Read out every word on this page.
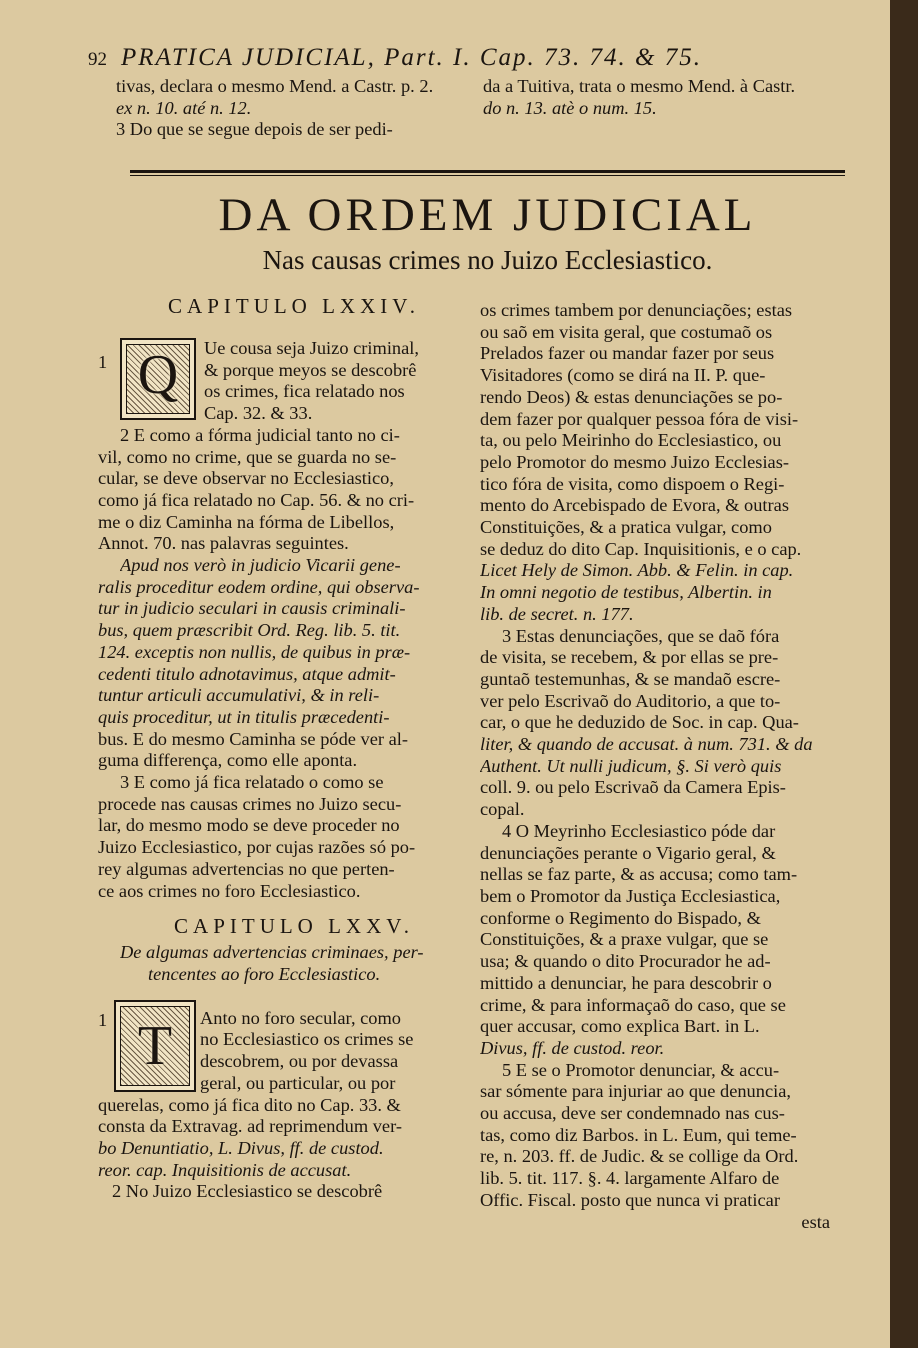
92 PRATICA JUDICIAL, Part. I. Cap. 73. 74. & 75.

tivas, declara o mesmo Mend. a Castr. p. 2.

ex n. 10. até n. 12.

3 Do que se segue depois de ser pedi-

da a Tuitiva, trata o mesmo Mend. à Castr.

do n. 13. atè o num. 15.

DA ORDEM JUDICIAL
Nas causas crimes no Juizo Ecclesiastico.

CAPITULO LXXIV.

1 Q	Ue cousa seja Juizo criminal,

& porque meyos se descobrê

os crimes, fica relatado nos

Cap. 32. & 33.

2 E como a fórma judicial tanto no ci-

vil, como no crime, que se guarda no se-

cular, se deve observar no Ecclesiastico,

como já fica relatado no Cap. 56. & no cri-

me o diz Caminha na fórma de Libellos,

Annot. 70. nas palavras seguintes.

Apud nos verò in judicio Vicarii gene-

ralis proceditur eodem ordine, qui observa-

tur in judicio seculari in causis criminali-

bus, quem præscribit Ord. Reg. lib. 5. tit.

124. exceptis non nullis, de quibus in præ-

cedenti titulo adnotavimus, atque admit-

tuntur articuli accumulativi, & in reli-

quis proceditur, ut in titulis præcedenti-

bus. E do mesmo Caminha se póde ver al-

guma differença, como elle aponta.

3 E como já fica relatado o como se

procede nas causas crimes no Juizo secu-

lar, do mesmo modo se deve proceder no

Juizo Ecclesiastico, por cujas razões só po-

rey algumas advertencias no que perten-

ce aos crimes no foro Ecclesiastico.

CAPITULO LXXV.

De algumas advertencias criminaes, per-

tencentes ao foro Ecclesiastico.

1 T	Anto no foro secular, como

no Ecclesiastico os crimes se

descobrem, ou por devassa

geral, ou particular, ou por

querelas, como já fica dito no Cap. 33. &

consta da Extravag. ad reprimendum ver-

bo Denuntiatio, L. Divus, ff. de custod.

reor. cap. Inquisitionis de accusat.

2 No Juizo Ecclesiastico se descobrê

os crimes tambem por denunciações; estas

ou saõ em visita geral, que costumaõ os

Prelados fazer ou mandar fazer por seus

Visitadores (como se dirá na II. P. que-

rendo Deos) & estas denunciações se po-

dem fazer por qualquer pessoa fóra de visi-

ta, ou pelo Meirinho do Ecclesiastico, ou

pelo Promotor do mesmo Juizo Ecclesias-

tico fóra de visita, como dispoem o Regi-

mento do Arcebispado de Evora, & outras

Constituições, & a pratica vulgar, como

se deduz do dito Cap. Inquisitionis, e o cap.

Licet Hely de Simon. Abb. & Felin. in cap.

In omni negotio de testibus, Albertin. in

lib. de secret. n. 177.

3 Estas denunciações, que se daõ fóra

de visita, se recebem, & por ellas se pre-

guntaõ testemunhas, & se mandaõ escre-

ver pelo Escrivaõ do Auditorio, a que to-

car, o que he deduzido de Soc. in cap. Qua-

liter, & quando de accusat. à num. 731. & da

Authent. Ut nulli judicum, §. Si verò quis

coll. 9. ou pelo Escrivaõ da Camera Epis-

copal.

4 O Meyrinho Ecclesiastico póde dar

denunciações perante o Vigario geral, &

nellas se faz parte, & as accusa; como tam-

bem o Promotor da Justiça Ecclesiastica,

conforme o Regimento do Bispado, &

Constituições, & a praxe vulgar, que se

usa; & quando o dito Procurador he ad-

mittido a denunciar, he para descobrir o

crime, & para informaçaõ do caso, que se

quer accusar, como explica Bart. in L.

Divus, ff. de custod. reor.

5 E se o Promotor denunciar, & accu-

sar sómente para injuriar ao que denuncia,

ou accusa, deve ser condemnado nas cus-

tas, como diz Barbos. in L. Eum, qui teme-

re, n. 203. ff. de Judic. & se collige da Ord.

lib. 5. tit. 117. §. 4. largamente Alfaro de

Offic. Fiscal. posto que nunca vi praticar

esta
